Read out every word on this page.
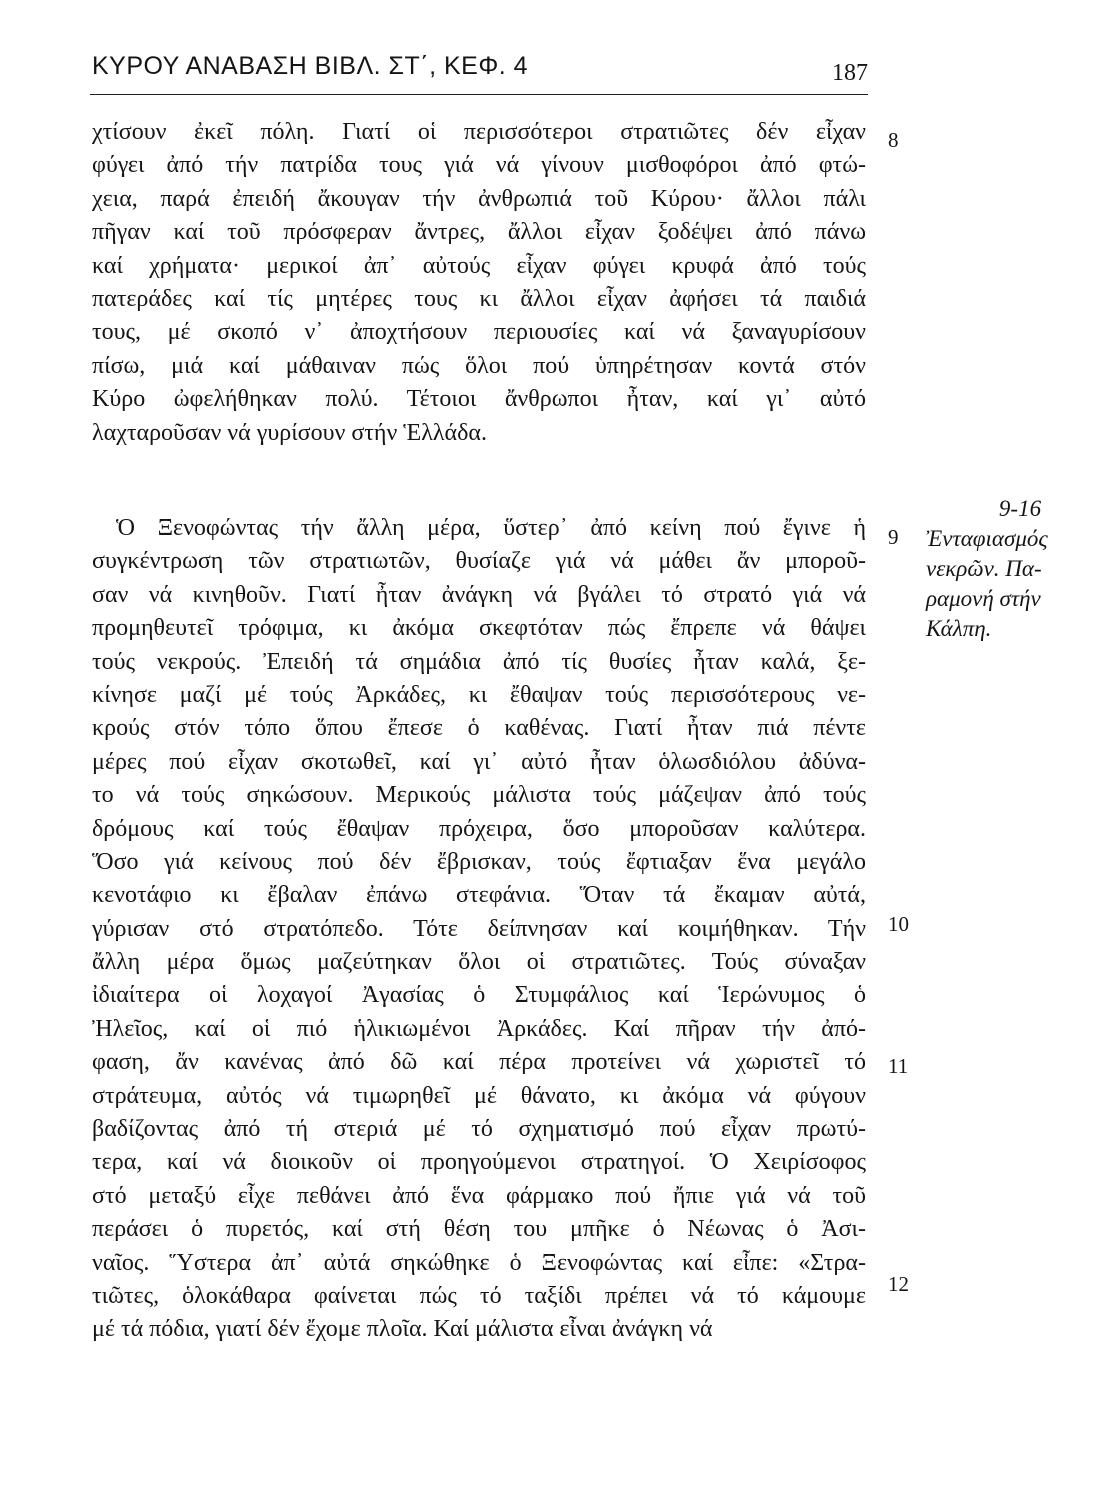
ΚΥΡΟΥ ΑΝΑΒΑΣΗ ΒΙΒΛ. ΣΤ΄, ΚΕΦ. 4	187
χτίσουν ἐκεῖ πόλη. Γιατί οἱ περισσότεροι στρατιῶτες δέν εἶχαν
φύγει ἀπό τήν πατρίδα τους γιά νά γίνουν μισθοφόροι ἀπό φτώ-
χεια, παρά ἐπειδή ἄκουγαν τήν ἀνθρωπιά τοῦ Κύρου· ἄλλοι πάλι
πῆγαν καί τοῦ πρόσφεραν ἄντρες, ἄλλοι εἶχαν ξοδέψει ἀπό πάνω
καί χρήματα· μερικοί ἀπ᾿ αὐτούς εἶχαν φύγει κρυφά ἀπό τούς
πατεράδες καί τίς μητέρες τους κι ἄλλοι εἶχαν ἀφήσει τά παιδιά
τους, μέ σκοπό ν᾿ ἀποχτήσουν περιουσίες καί νά ξαναγυρίσουν
πίσω, μιά καί μάθαιναν πώς ὅλοι πού ὑπηρέτησαν κοντά στόν
Κύρο ὠφελήθηκαν πολύ. Τέτοιοι ἄνθρωποι ἦταν, καί γι᾿ αὐτό
λαχταροῦσαν νά γυρίσουν στήν Ἑλλάδα.
Ὁ Ξενοφώντας τήν ἄλλη μέρα, ὕστερ᾿ ἀπό κείνη πού ἔγινε ἡ
συγκέντρωση τῶν στρατιωτῶν, θυσίαζε γιά νά μάθει ἄν μποροῦ-
σαν νά κινηθοῦν. Γιατί ἦταν ἀνάγκη νά βγάλει τό στρατό γιά νά
προμηθευτεῖ τρόφιμα, κι ἀκόμα σκεφτόταν πώς ἔπρεπε νά θάψει
τούς νεκρούς. Ἐπειδή τά σημάδια ἀπό τίς θυσίες ἦταν καλά, ξε-
κίνησε μαζί μέ τούς Ἀρκάδες, κι ἔθαψαν τούς περισσότερους νε-
κρούς στόν τόπο ὅπου ἔπεσε ὁ καθένας. Γιατί ἦταν πιά πέντε
μέρες πού εἶχαν σκοτωθεῖ, καί γι᾿ αὐτό ἦταν ὁλωσδιόλου ἀδύνα-
το νά τούς σηκώσουν. Μερικούς μάλιστα τούς μάζεψαν ἀπό τούς
δρόμους καί τούς ἔθαψαν πρόχειρα, ὅσο μποροῦσαν καλύτερα.
Ὅσο γιά κείνους πού δέν ἔβρισκαν, τούς ἔφτιαξαν ἕνα μεγάλο
κενοτάφιο κι ἔβαλαν ἐπάνω στεφάνια. Ὅταν τά ἔκαμαν αὐτά,
γύρισαν στό στρατόπεδο. Τότε δείπνησαν καί κοιμήθηκαν. Τήν
ἄλλη μέρα ὅμως μαζεύτηκαν ὅλοι οἱ στρατιῶτες. Τούς σύναξαν
ἰδιαίτερα οἱ λοχαγοί Ἀγασίας ὁ Στυμφάλιος καί Ἱερώνυμος ὁ
Ἠλεῖος, καί οἱ πιό ἡλικιωμένοι Ἀρκάδες. Καί πῆραν τήν ἀπό-
φαση, ἄν κανένας ἀπό δῶ καί πέρα προτείνει νά χωριστεῖ τό
στράτευμα, αὐτός νά τιμωρηθεῖ μέ θάνατο, κι ἀκόμα νά φύγουν
βαδίζοντας ἀπό τή στεριά μέ τό σχηματισμό πού εἶχαν πρωτύ-
τερα, καί νά διοικοῦν οἱ προηγούμενοι στρατηγοί. Ὁ Χειρίσοφος
στό μεταξύ εἶχε πεθάνει ἀπό ἕνα φάρμακο πού ἤπιε γιά νά τοῦ
περάσει ὁ πυρετός, καί στή θέση του μπῆκε ὁ Νέωνας ὁ Ἀσι-
ναῖος. Ὕστερα ἀπ᾿ αὐτά σηκώθηκε ὁ Ξενοφώντας καί εἶπε: «Στρα-
τιῶτες, ὁλοκάθαρα φαίνεται πώς τό ταξίδι πρέπει νά τό κάμουμε
μέ τά πόδια, γιατί δέν ἔχομε πλοῖα. Καί μάλιστα εἶναι ἀνάγκη νά
8
9
10
11
12
9-16
Ἐνταφιασμός
νεκρῶν. Πα-
ραμονή στήν
Κάλπη.
